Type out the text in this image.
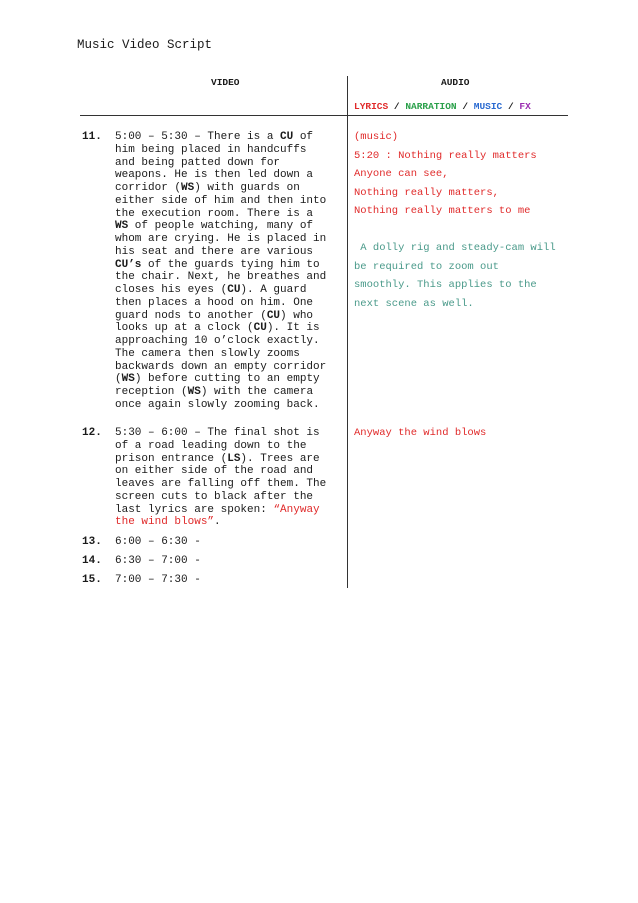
Music Video Script
VIDEO	AUDIO
LYRICS / NARRATION / MUSIC / FX
11. 5:00 – 5:30 – There is a CU of
him being placed in handcuffs
and being patted down for
weapons. He is then led down a
corridor (WS) with guards on
either side of him and then into
the execution room. There is a
WS of people watching, many of
whom are crying. He is placed in
his seat and there are various
CU’s of the guards tying him to
the chair. Next, he breathes and
closes his eyes (CU). A guard
then places a hood on him. One
guard nods to another (CU) who
looks up at a clock (CU). It is
approaching 10 o’clock exactly.
The camera then slowly zooms
backwards down an empty corridor
(WS) before cutting to an empty
reception (WS) with the camera
once again slowly zooming back.
(music)
5:20 : Nothing really matters
Anyone can see,
Nothing really matters,
Nothing really matters to me
A dolly rig and steady-cam will
be required to zoom out
smoothly. This applies to the
next scene as well.
12. 5:30 – 6:00 – The final shot is
of a road leading down to the
prison entrance (LS). Trees are
on either side of the road and
leaves are falling off them. The
screen cuts to black after the
last lyrics are spoken: “Anyway
the wind blows”.
Anyway the wind blows
13. 6:00 – 6:30 -
14. 6:30 – 7:00 -
15. 7:00 – 7:30 -
